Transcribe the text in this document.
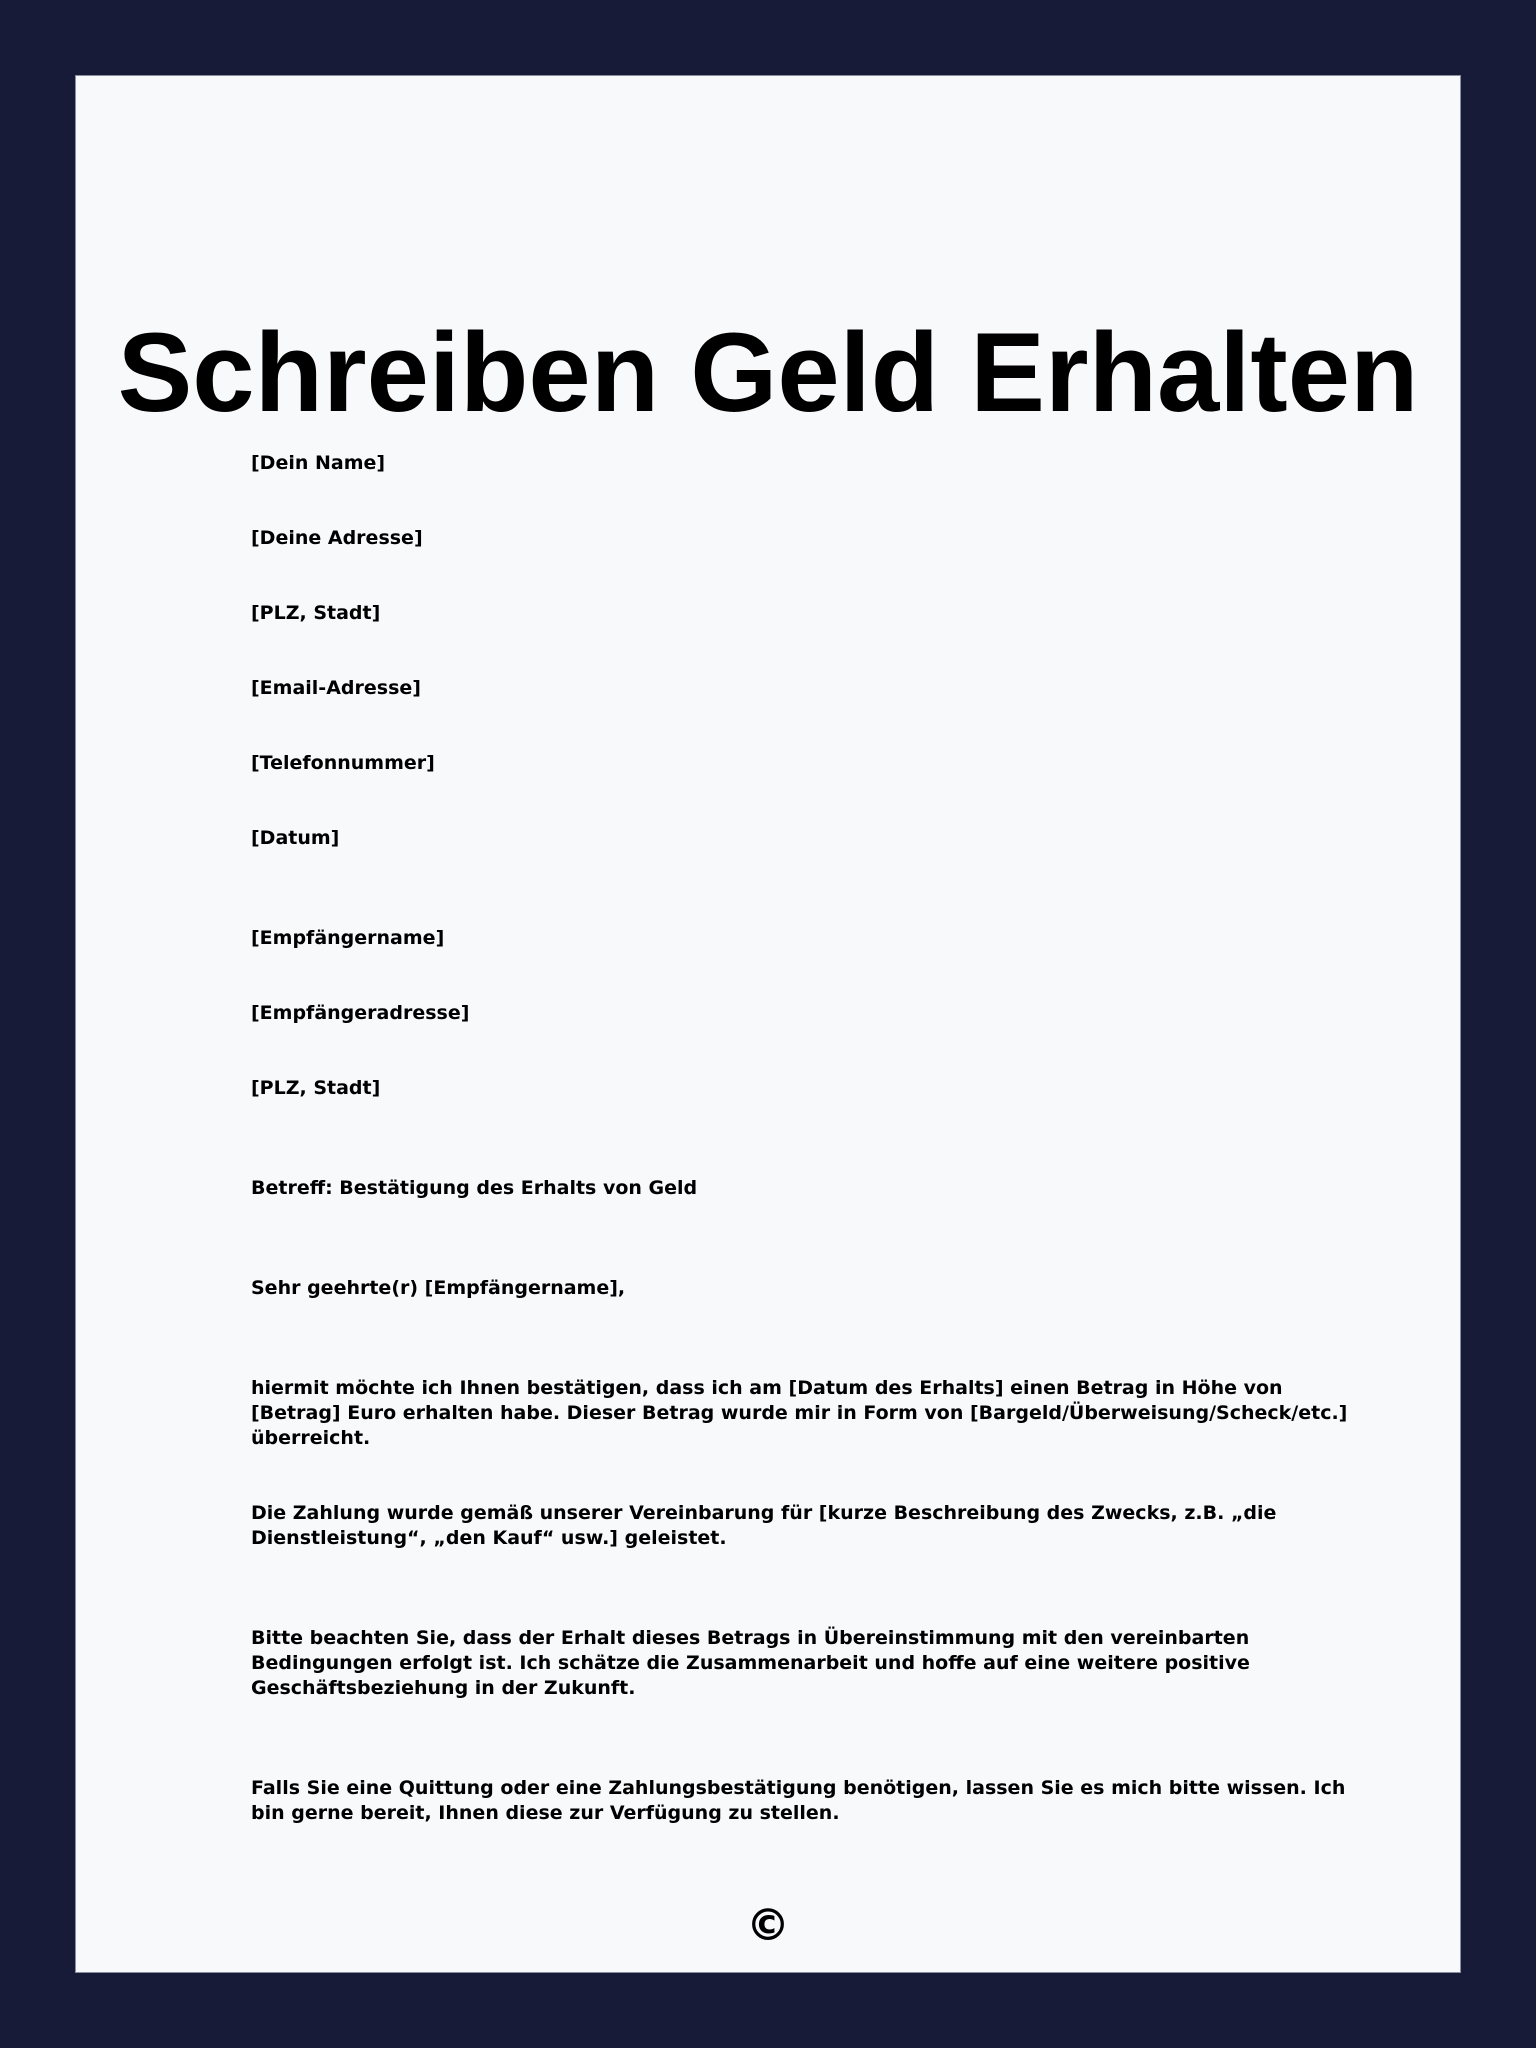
Schreiben Geld Erhalten

[Dein Name]

[Deine Adresse]

[PLZ, Stadt]

[Email-Adresse]

[Telefonnummer]

[Datum]

[Empfängername]

[Empfängeradresse]

[PLZ, Stadt]

Betreff: Bestätigung des Erhalts von Geld

Sehr geehrte(r) [Empfängername],

hiermit möchte ich Ihnen bestätigen, dass ich am [Datum des Erhalts] einen Betrag in Höhe von [Betrag] Euro erhalten habe. Dieser Betrag wurde mir in Form von [Bargeld/Überweisung/Scheck/etc.] überreicht.

Die Zahlung wurde gemäß unserer Vereinbarung für [kurze Beschreibung des Zwecks, z.B. „die Dienstleistung“, „den Kauf“ usw.] geleistet.

Bitte beachten Sie, dass der Erhalt dieses Betrags in Übereinstimmung mit den vereinbarten Bedingungen erfolgt ist. Ich schätze die Zusammenarbeit und hoffe auf eine weitere positive Geschäftsbeziehung in der Zukunft.

Falls Sie eine Quittung oder eine Zahlungsbestätigung benötigen, lassen Sie es mich bitte wissen. Ich bin gerne bereit, Ihnen diese zur Verfügung zu stellen.

©
